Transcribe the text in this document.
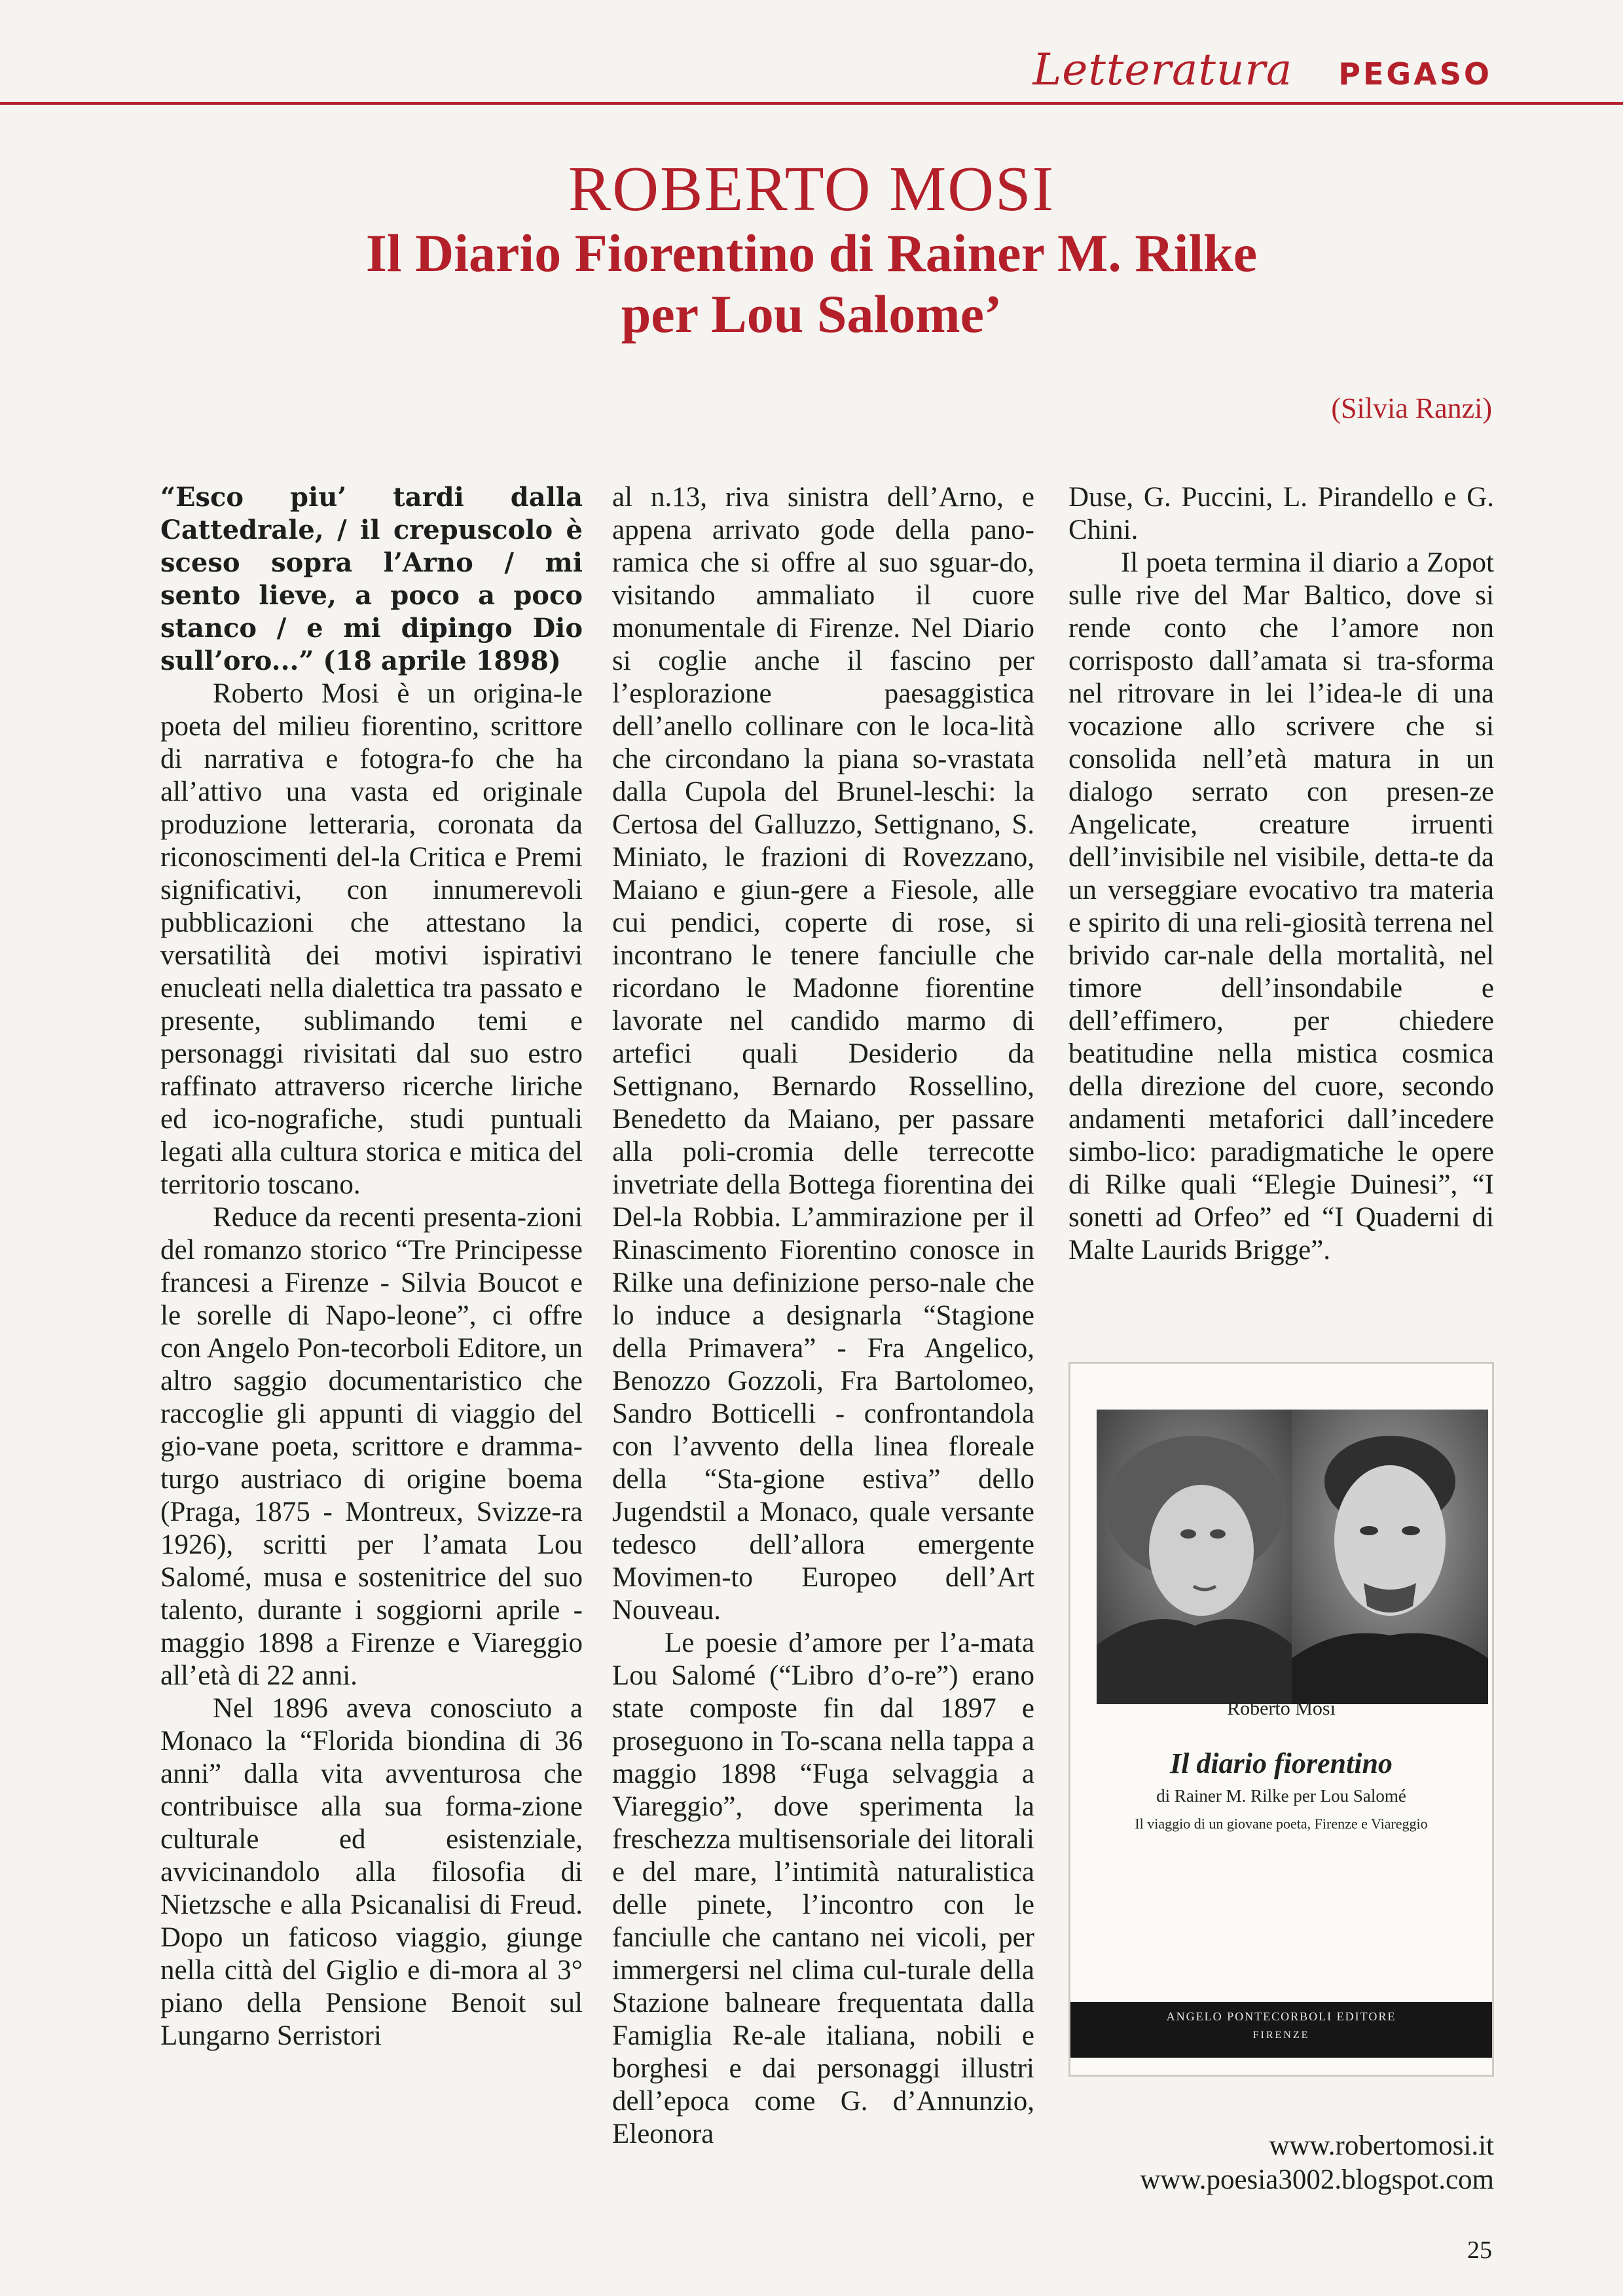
Letteratura PEGASO
ROBERTO MOSI
Il Diario Fiorentino di Rainer M. Rilke
per Lou Salome’
(Silvia Ranzi)

“Esco piu’ tardi dalla Cattedrale, / il crepuscolo è sceso sopra l’Arno / mi sento lieve, a poco a poco stanco / e mi dipingo Dio sull’oro...” (18 aprile 1898)

Roberto Mosi è un origina-le poeta del milieu fiorentino, scrittore di narrativa e fotogra-fo che ha all’attivo una vasta ed originale produzione letteraria, coronata da riconoscimenti del-la Critica e Premi significativi, con innumerevoli pubblicazioni che attestano la versatilità dei motivi ispirativi enucleati nella dialettica tra passato e presente, sublimando temi e personaggi rivisitati dal suo estro raffinato attraverso ricerche liriche ed ico-nografiche, studi puntuali legati alla cultura storica e mitica del territorio toscano.

Reduce da recenti presenta-zioni del romanzo storico “Tre Principesse francesi a Firenze - Silvia Boucot e le sorelle di Napo-leone”, ci offre con Angelo Pon-tecorboli Editore, un altro saggio documentaristico che raccoglie gli appunti di viaggio del gio-vane poeta, scrittore e dramma-turgo austriaco di origine boema (Praga, 1875 - Montreux, Svizze-ra 1926), scritti per l’amata Lou Salomé, musa e sostenitrice del suo talento, durante i soggiorni aprile - maggio 1898 a Firenze e Viareggio all’età di 22 anni.

Nel 1896 aveva conosciuto a Monaco la “Florida biondina di 36 anni” dalla vita avventurosa che contribuisce alla sua forma-zione culturale ed esistenziale, avvicinandolo alla filosofia di Nietzsche e alla Psicanalisi di Freud. Dopo un faticoso viaggio, giunge nella città del Giglio e di-mora al 3° piano della Pensione Benoit sul Lungarno Serristori

al n.13, riva sinistra dell’Arno, e appena arrivato gode della pano-ramica che si offre al suo sguar-do, visitando ammaliato il cuore monumentale di Firenze. Nel Diario si coglie anche il fascino per l’esplorazione paesaggistica dell’anello collinare con le loca-lità che circondano la piana so-vrastata dalla Cupola del Brunel-leschi: la Certosa del Galluzzo, Settignano, S. Miniato, le frazioni di Rovezzano, Maiano e giun-gere a Fiesole, alle cui pendici, coperte di rose, si incontrano le tenere fanciulle che ricordano le Madonne fiorentine lavorate nel candido marmo di artefici quali Desiderio da Settignano, Bernardo Rossellino, Benedetto da Maiano, per passare alla poli-cromia delle terrecotte invetriate della Bottega fiorentina dei Del-la Robbia. L’ammirazione per il Rinascimento Fiorentino conosce in Rilke una definizione perso-nale che lo induce a designarla “Stagione della Primavera” - Fra Angelico, Benozzo Gozzoli, Fra Bartolomeo, Sandro Botticelli - confrontandola con l’avvento della linea floreale della “Sta-gione estiva” dello Jugendstil a Monaco, quale versante tedesco dell’allora emergente Movimen-to Europeo dell’Art Nouveau.

Le poesie d’amore per l’a-mata Lou Salomé (“Libro d’o-re”) erano state composte fin dal 1897 e proseguono in To-scana nella tappa a maggio 1898 “Fuga selvaggia a Viareggio”, dove sperimenta la freschezza multisensoriale dei litorali e del mare, l’intimità naturalistica delle pinete, l’incontro con le fanciulle che cantano nei vicoli, per immergersi nel clima cul-turale della Stazione balneare frequentata dalla Famiglia Re-ale italiana, nobili e borghesi e dai personaggi illustri dell’epoca come G. d’Annunzio, Eleonora

Duse, G. Puccini, L. Pirandello e G. Chini.

Il poeta termina il diario a Zopot sulle rive del Mar Baltico, dove si rende conto che l’amore non corrisposto dall’amata si tra-sforma nel ritrovare in lei l’idea-le di una vocazione allo scrivere che si consolida nell’età matura in un dialogo serrato con presen-ze Angelicate, creature irruenti dell’invisibile nel visibile, detta-te da un verseggiare evocativo tra materia e spirito di una reli-giosità terrena nel brivido car-nale della mortalità, nel timore dell’insondabile e dell’effimero, per chiedere beatitudine nella mistica cosmica della direzione del cuore, secondo andamenti metaforici dall’incedere simbo-lico: paradigmatiche le opere di Rilke quali “Elegie Duinesi”, “I sonetti ad Orfeo” ed “I Quaderni di Malte Laurids Brigge”.

Roberto Mosi
Il diario fiorentino
di Rainer M. Rilke per Lou Salomé
Il viaggio di un giovane poeta, Firenze e Viareggio
ANGELO PONTECORBOLI EDITORE
FIRENZE
www.robertomosi.it
www.poesia3002.blogspot.com
25
